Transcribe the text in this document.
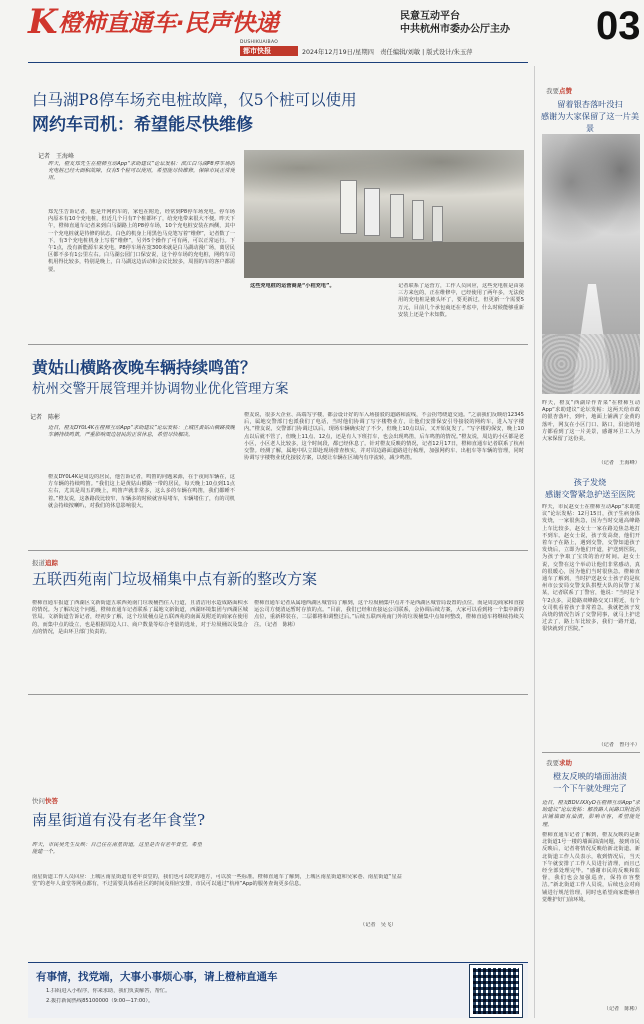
K 橙柿直通车·民声快递	民意互动平台
中共杭州市委办公厅主办	03
DUSHIKUAIBAO
都市快报	2024年12月19日/星期四　责任编辑/刘敏 | 版式设计/朱玉萍
白马湖P8停车场充电桩故障，仅5个桩可以使用
网约车司机：希望能尽快维修
记者　王海峰
昨天，橙友郑先生在橙柿互动App“求助建议”论坛发帖：滨江白马湖P8停车场的充电桩已经大面积故障，仅有5个桩可以使用，希望能尽快维修，保障市民正常使用。
郑先生告诉记者，他是开网约车的，家也在附近，经常到P8停车场充电。停车场内原本有10个充电桩，但近几个月有7个桩都坏了，给充电带来很大不便。昨天下午，橙柿直通车记者来到白马湖路上的P8停车场，10个充电桩安装在西侧，其中一个充电桩就是待修的状态，白色的机身上用黑色马克笔写着“维修”，记者数了一下，有3个充电桩机身上写着“维修”，另外5个操作了可有两，可以正常运行。下午1点，没有新能源车来充电，P8停车场在宽300米就是白马湖动漫广场，离居民区都不多有1公里左右。白马湖公园门口保安说，这个停车场的充电桩，网约车司机用得比较多，特别是晚上，白马湖这边活动和会议比较多，周围的车的客户都需要。
这些充电桩的运营商是“小桔充电”。	记者联系了运营方，工作人员回应，这些充电桩是由第三方来包的，正在维修中，已经使用了两年多，无法使用的充电桩是被头坏了，要更新过，但更新一个需要5万元，目前几个承包商还在考虑中，什么时候能够重新安装上还是个未知数。
黄姑山横路夜晚车辆持续鸣笛？
杭州交警开展管理并协调物业优化管理方案
记者　陈彬
近日，橙友DY0L4K在橙柿互动App“求助建议”论坛发帖：上城区黄姑山横路夜晚车辆持续鸣笛，严重影响周边居民的正常休息，希望尽快解决。
橙友DY0L4K是周边的居民，他告诉记者，鸣笛的问题来源，在于夜间车辆在，这方车辆的持续鸣笛。“我们这上是黄姑山横路一带的居民，每天晚上10点到11点左右，尤其是周五的晚上，鸣笛声就非常多，这么多的车辆在鸣笛，我们都睡不着。”橙友说，这条路段比较窄，车辆多的时候就容易堵车，车辆堵住了，有的司机就会持续按喇叭，对我们的休息影响很大。
橙友说，很多大企业、高端写字楼，都会设计好的车入场接驳的道路和流线，不会拐弯绕道交通。“之前我们反映给12345后，属地交警部门也派我们了电话，当时他们协调了写字楼物业方，让他们安排保安引导接驳的网约车，进入写字楼内。”橙友说，交警部门协调过以后，现场车辆确实好了不少，但晚上10点以后，又开始复发了。“写字楼的保安，晚上10点以后就不管了，但晚上11点、12点，还是有人下班打车，也会出现鸣笛，后车鸣笛的情况。”橙友说，周边的小区都是老小区，小区老人比较多，这个时间段，都已经休息了。针对橙友反映的情况，记者12月17日，橙柿直通车记者联系了杭州交警。经测了解，属地中队立即赴现场排查核实，并对周边路面道路进行梳理，加强网约车、出租车等车辆的管理，同时协调写字楼物业优化接驳方案，以便让车辆在区域内有序流转，减少鸣笛。
报道追踪
五联西苑南门垃圾桶集中点有新的整改方案
橙柿直通车报道了西湖区文新街道五联西苑南门垃圾桶挡住人行道，且清洁用水造成路面积水的情况。为了解决这个问题，橙柿直通车记者联系了属地文新街道，西湖环境集团与西湖区城管局。文新街道告诉记者，经初步了解，这个垃圾桶点是五联西苑的南面及附近的商家在使用的，而集中点的设立，也是根据周边人口、商户数量等综合考量的选址，对于垃圾桶以及集合点的情况，是由环卫部门负责的。
橙柿直通车记者从属地西湖区城管局了解到，这个垃圾桶集中点并不是西湖区城管局设置的点位，而是周边商家和直接运公司方便清运暂时存放的点。“目前，我们已经和直接运公司联系，会协调后续方案，大家可以看到将一个集中新的点位，重新移装在，二层都将和调整过后。”后续五联西苑南门外的垃圾桶集中点如何整改，橙柿直通车将继续持续关注。（记者　陈彬）
快问快答
南星街道有没有老年食堂?
昨天，市民吴先生反映：自己住在南星街道，这里是否有老年食堂，希望能建一个。
南星街道工作人员回应：上城区南星街道有老年食堂的，我们也可以吃的地方，可以放一些标准。橙柿直通车了解到，上城区南星街道和吴家巷、南星街道“星益堂”的老年人食堂等网点都有，不过需要具体看社区的时间及相应安排，市民可以通过“杭州”App的服务查询更多信息。
（记者　吴飞）
有事情，找党端，大事小事烦心事，请上橙柿直通车
1.扫码进入小程序，你来求助，我们负责解答，帮忙。
2.拨打新闻热线85100000（9:00—17:00）。
我要点赞
留着银杏落叶没扫
感谢为大家保留了这一片美景
昨天，橙友“西湖岸作青菜”在橙柿互动App“求助建议”论坛发帖：这两天给市政的银杏落叶，到叶，地面上铺满了金黄的落叶，网友在小区门口、路口，沿途的地方都看到了这一片美景，感谢环卫工人为大家保留了这份美。
（记者　王海峰）
孩子发烧
感谢交警紧急护送至医院
昨天，市民赵女士在橙柿互动App“求助建议”论坛发帖：12月15日，孩子生病身体发烧，一家很焦急，因为当时交通高峰路上车比较多，赵女士一家在路边焦急地打不到车。赵女士说，孩子发高烧，他们开着车子在路上，遇到交警，交警知道孩子发烧后，立即为他们开道，护送到医院，为孩子争取了宝贵的治疗时间。赵女士说，交警在这个举动让他们非常感动，真的很暖心，因为他们当时很焦急。橙柿直通车了解到，当时护送赵女士孩子的是杭州市公安局交警支队拱墅大队的民警丁某某，记者联系了丁警官，他说：“当时是下午2点多，灵隐路双峰路交叉口附近，有个女司机看着孩子非常着急，我就把孩子发高烧的情况告诉了交警同事，就马上护送过去了，路上车比较多，我们一路开道，很快就到了医院。”
（记者　曾丹平）
我要求助
橙友反映的墙面油渍
一个下午就处理完了
近日，橙友BDV.IXXyD在橙柿互动App“求助建议”论坛发帖：解放路人民路口附近的店铺墙面有油渍，影响市容，希望能处理。
橙柿直通车记者了解到，橙友反映的是新北街道1号一楼的墙面油渍问题，接到市民反映后，记者将情况反映给新北街道。新北街道工作人员表示，收到情况后，当天下午就安排了工作人员进行清理，而且已经全部处理完毕。“感谢市民的反映和监督，我们也会加强巡查，保持市容整洁。”新北街道工作人员说，后续也会对商铺进行规范管理，同时也希望商家能够自觉维护好门前环境。
（记者　陈彬）
